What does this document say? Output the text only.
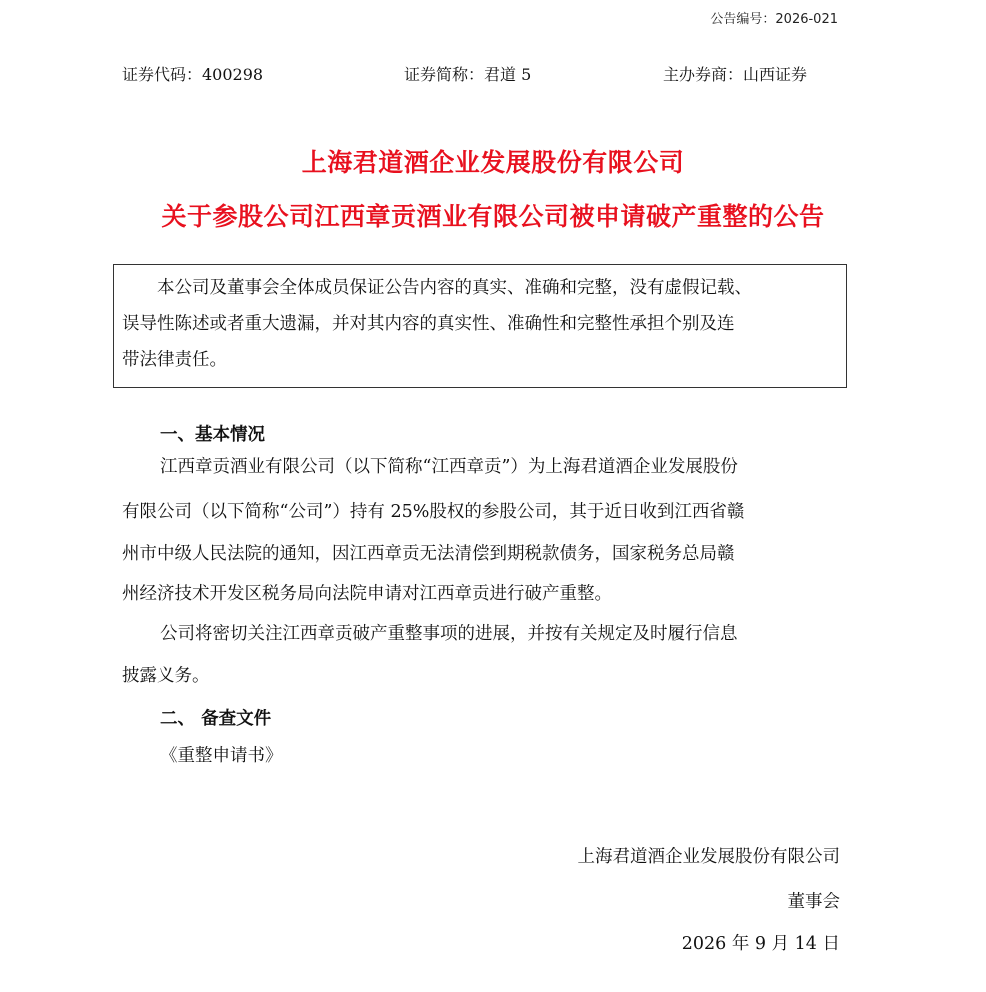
公告编号：2026-021
证券代码：400298	证券简称：君道 5	主办券商：山西证券
上海君道酒企业发展股份有限公司
关于参股公司江西章贡酒业有限公司被申请破产重整的公告

本公司及董事会全体成员保证公告内容的真实、准确和完整，没有虚假记载、

误导性陈述或者重大遗漏，并对其内容的真实性、准确性和完整性承担个别及连

带法律责任。

一、基本情况
江西章贡酒业有限公司（以下简称“江西章贡”）为上海君道酒企业发展股份
有限公司（以下简称“公司”）持有 25%股权的参股公司，其于近日收到江西省赣
州市中级人民法院的通知，因江西章贡无法清偿到期税款债务，国家税务总局赣
州经济技术开发区税务局向法院申请对江西章贡进行破产重整。
公司将密切关注江西章贡破产重整事项的进展，并按有关规定及时履行信息
披露义务。
二、 备查文件
《重整申请书》
上海君道酒企业发展股份有限公司
董事会
2026 年 9 月 14 日
